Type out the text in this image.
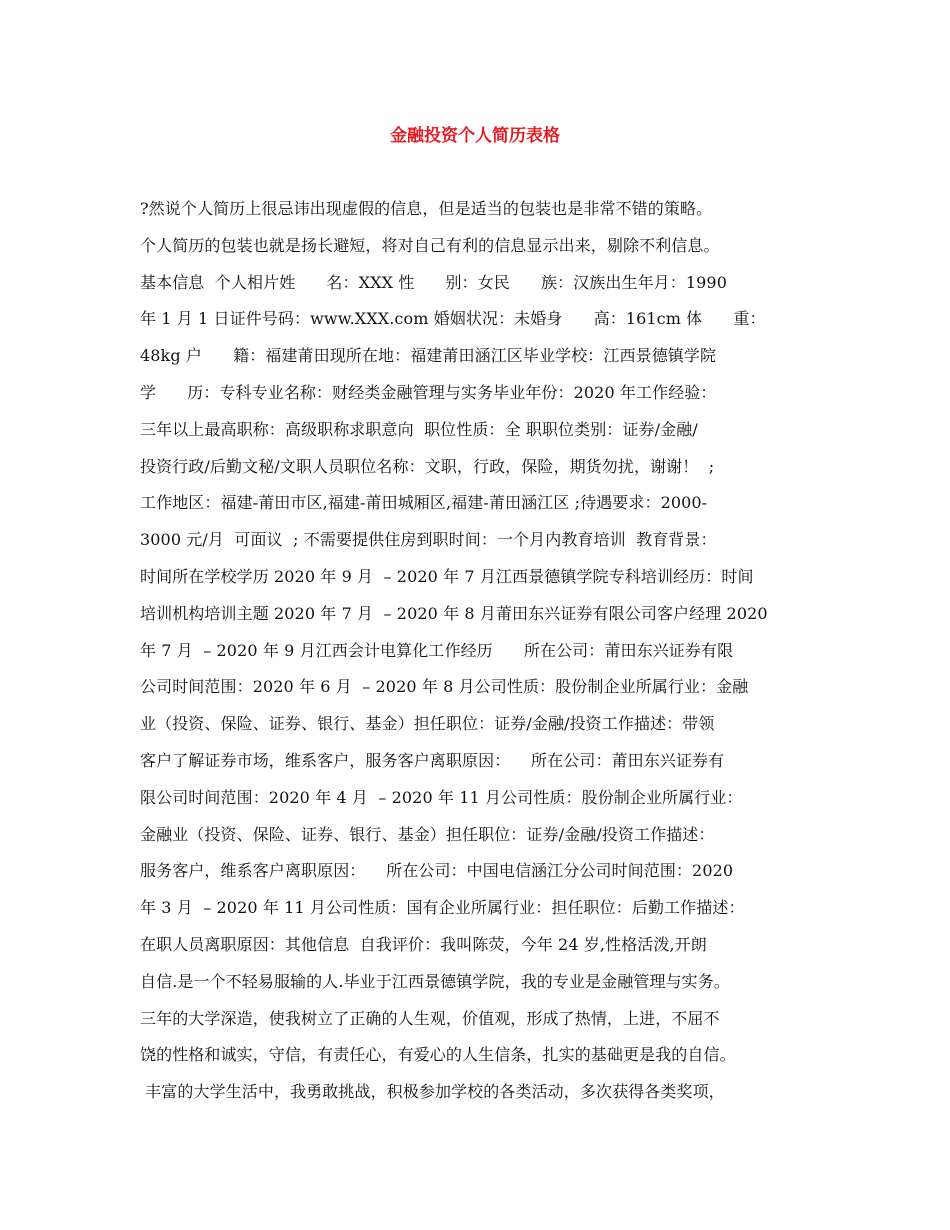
金融投资个人简历表格
?然说个人简历上很忌讳出现虚假的信息，但是适当的包装也是非常不错的策略。
个人简历的包装也就是扬长避短，将对自己有利的信息显示出来，剔除不利信息。
基本信息  个人相片姓      名：XXX 性      别：女民      族：汉族出生年月：1990
年 1 月 1 日证件号码：www.XXX.com 婚姻状况：未婚身      高：161cm 体      重：
48kg 户      籍：福建莆田现所在地：福建莆田涵江区毕业学校：江西景德镇学院
学      历：专科专业名称：财经类金融管理与实务毕业年份：2020 年工作经验：
三年以上最高职称：高级职称求职意向  职位性质：全 职职位类别：证券/金融/
投资行政/后勤文秘/文职人员职位名称：文职，行政，保险，期货勿扰，谢谢！  ;
工作地区：福建-莆田市区,福建-莆田城厢区,福建-莆田涵江区 ;待遇要求：2000-
3000 元/月  可面议  ; 不需要提供住房到职时间：一个月内教育培训  教育背景：
时间所在学校学历 2020 年 9 月  – 2020 年 7 月江西景德镇学院专科培训经历：时间
培训机构培训主题 2020 年 7 月  – 2020 年 8 月莆田东兴证券有限公司客户经理 2020
年 7 月  – 2020 年 9 月江西会计电算化工作经历      所在公司：莆田东兴证券有限
公司时间范围：2020 年 6 月  – 2020 年 8 月公司性质：股份制企业所属行业：金融
业（投资、保险、证券、银行、基金）担任职位：证券/金融/投资工作描述：带领
客户了解证券市场，维系客户，服务客户离职原因：    所在公司：莆田东兴证券有
限公司时间范围：2020 年 4 月  – 2020 年 11 月公司性质：股份制企业所属行业：
金融业（投资、保险、证券、银行、基金）担任职位：证券/金融/投资工作描述：
服务客户，维系客户离职原因：    所在公司：中国电信涵江分公司时间范围：2020
年 3 月  – 2020 年 11 月公司性质：国有企业所属行业：担任职位：后勤工作描述：
在职人员离职原因：其他信息  自我评价：我叫陈荧，今年 24 岁,性格活泼,开朗
自信.是一个不轻易服输的人.毕业于江西景德镇学院，我的专业是金融管理与实务。
三年的大学深造，使我树立了正确的人生观，价值观，形成了热情，上进，不屈不
饶的性格和诚实，守信，有责任心，有爱心的人生信条，扎实的基础更是我的自信。
丰富的大学生活中，我勇敢挑战，积极参加学校的各类活动，多次获得各类奖项，
